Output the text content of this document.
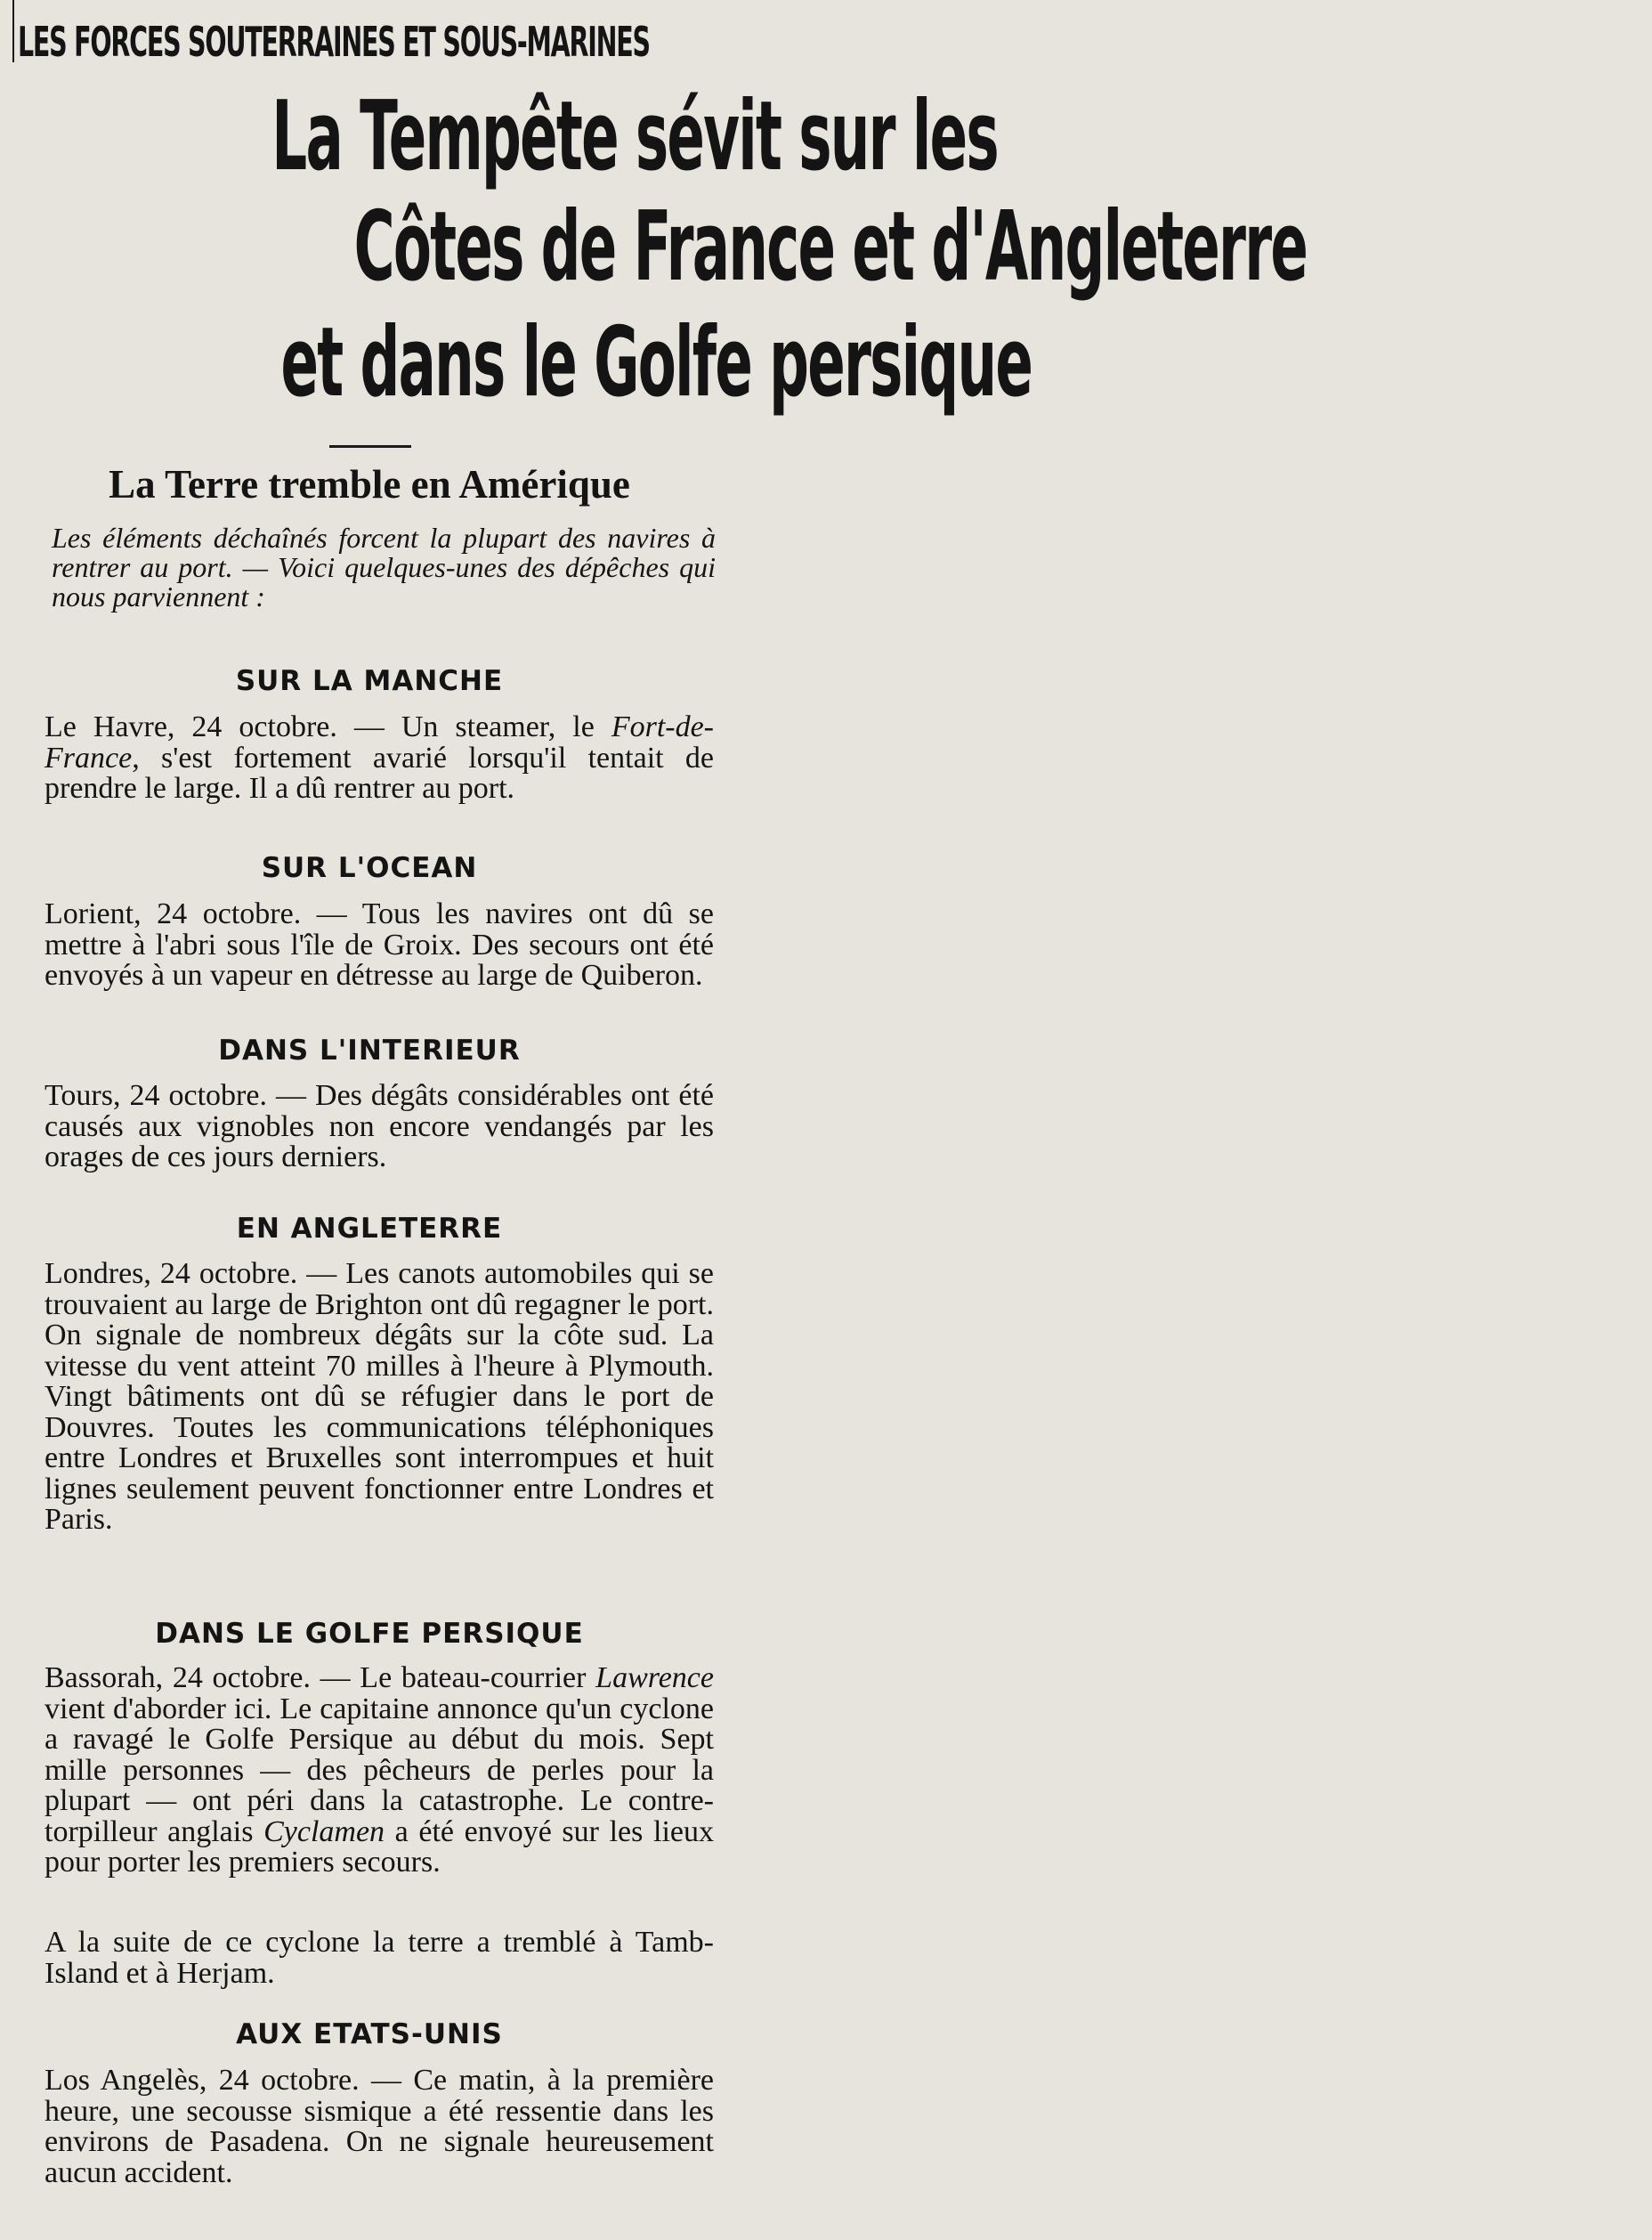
LES FORCES SOUTERRAINES ET SOUS-MARINES
La Tempête sévit sur les
Côtes de France et d'Angleterre
et dans le Golfe persique
La Terre tremble en Amérique
Les éléments déchaînés forcent la plupart des navires à rentrer au port. — Voici quelques-unes des dépêches qui nous parviennent :
SUR LA MANCHE
Le Havre, 24 octobre. — Un steamer, le Fort-de-France, s'est fortement avarié lorsqu'il tentait de prendre le large. Il a dû rentrer au port.
SUR L'OCEAN
Lorient, 24 octobre. — Tous les navires ont dû se mettre à l'abri sous l'île de Groix. Des secours ont été envoyés à un vapeur en détresse au large de Quiberon.
DANS L'INTERIEUR
Tours, 24 octobre. — Des dégâts considérables ont été causés aux vignobles non encore vendangés par les orages de ces jours derniers.
EN ANGLETERRE
Londres, 24 octobre. — Les canots automobiles qui se trouvaient au large de Brighton ont dû regagner le port. On signale de nombreux dégâts sur la côte sud. La vitesse du vent atteint 70 milles à l'heure à Plymouth. Vingt bâtiments ont dû se réfugier dans le port de Douvres. Toutes les communications téléphoniques entre Londres et Bruxelles sont interrompues et huit lignes seulement peuvent fonctionner entre Londres et Paris.
DANS LE GOLFE PERSIQUE
Bassorah, 24 octobre. — Le bateau-courrier Lawrence vient d'aborder ici. Le capitaine annonce qu'un cyclone a ravagé le Golfe Persique au début du mois. Sept mille personnes — des pêcheurs de perles pour la plupart — ont péri dans la catastrophe. Le contre-torpilleur anglais Cyclamen a été envoyé sur les lieux pour porter les premiers secours.
A la suite de ce cyclone la terre a tremblé à Tamb-Island et à Herjam.
AUX ETATS-UNIS
Los Angelès, 24 octobre. — Ce matin, à la première heure, une secousse sismique a été ressentie dans les environs de Pasadena. On ne signale heureusement aucun accident.
